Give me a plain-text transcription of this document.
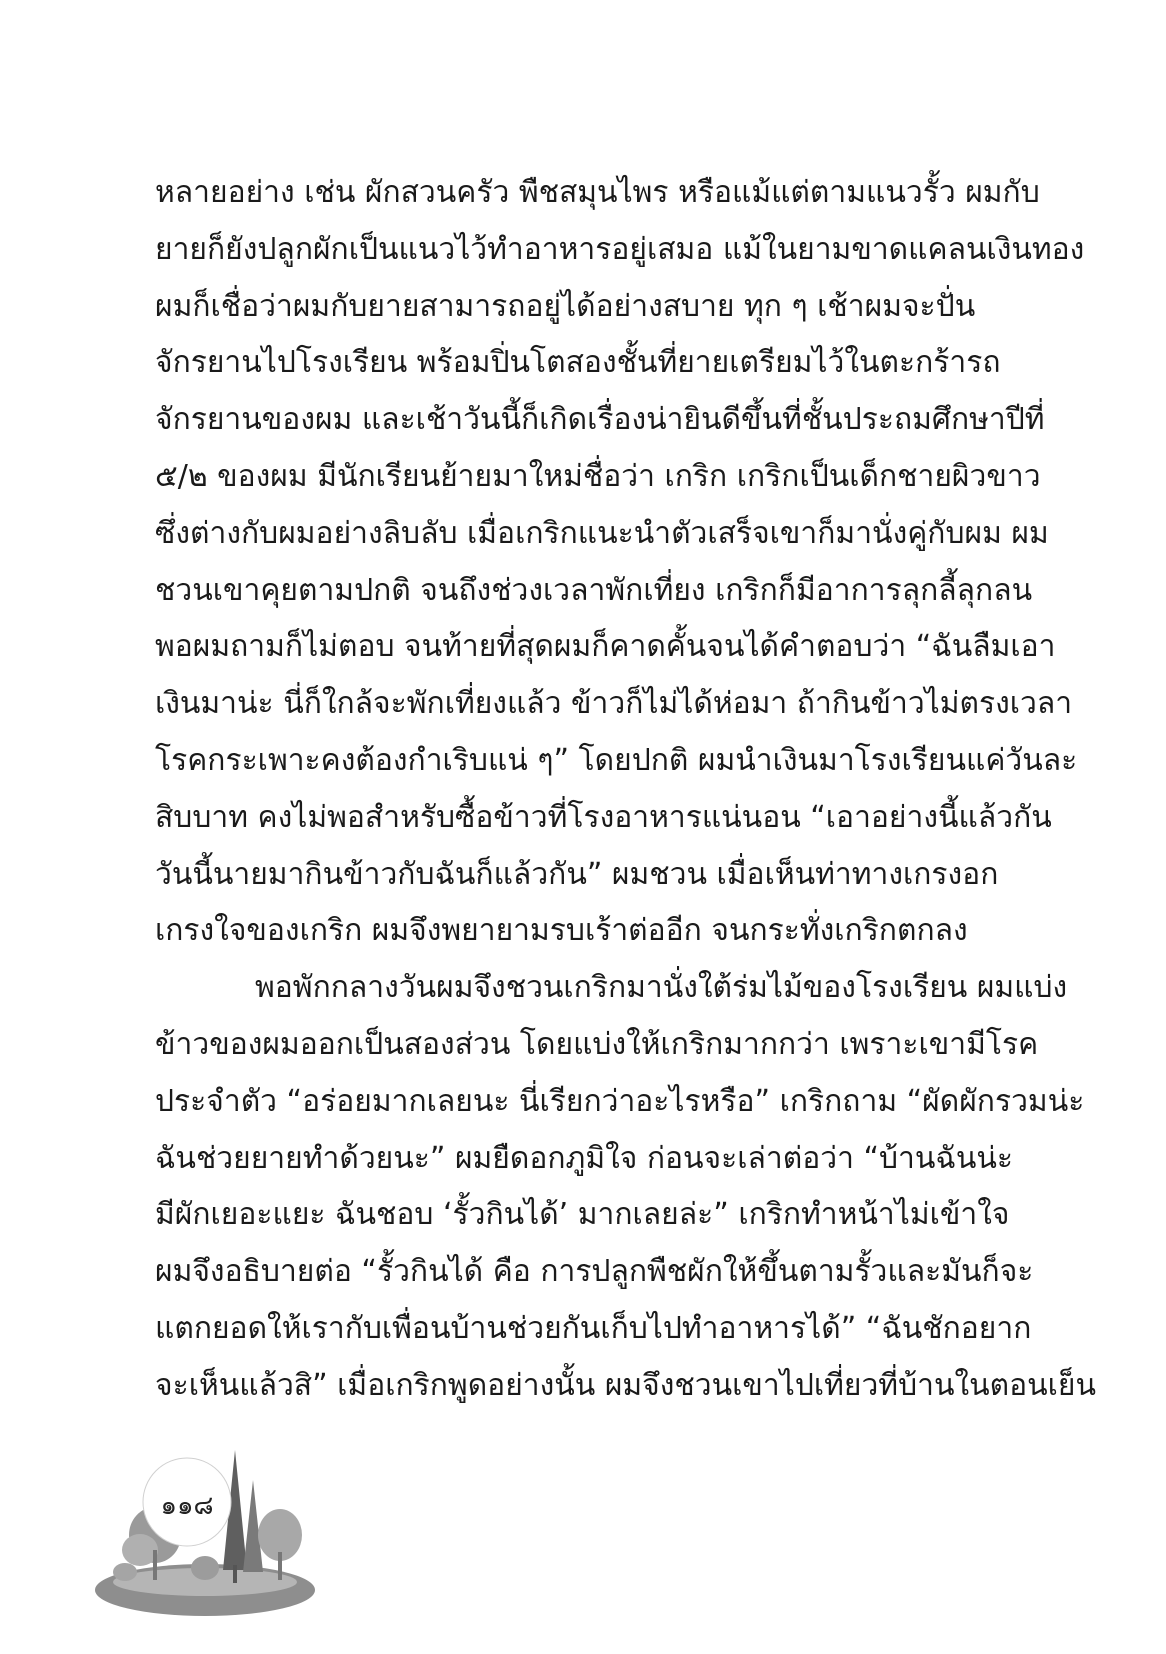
หลายอย่าง เช่น ผักสวนครัว พืชสมุนไพร หรือแม้แต่ตามแนวรั้ว ผมกับ
ยายก็ยังปลูกผักเป็นแนวไว้ทำอาหารอยู่เสมอ แม้ในยามขาดแคลนเงินทอง
ผมก็เชื่อว่าผมกับยายสามารถอยู่ได้อย่างสบาย ทุก ๆ เช้าผมจะปั่น
จักรยานไปโรงเรียน พร้อมปิ่นโตสองชั้นที่ยายเตรียมไว้ในตะกร้ารถ
จักรยานของผม และเช้าวันนี้ก็เกิดเรื่องน่ายินดีขึ้นที่ชั้นประถมศึกษาปีที่
๕/๒ ของผม มีนักเรียนย้ายมาใหม่ชื่อว่า เกริก เกริกเป็นเด็กชายผิวขาว
ซึ่งต่างกับผมอย่างลิบลับ เมื่อเกริกแนะนำตัวเสร็จเขาก็มานั่งคู่กับผม ผม
ชวนเขาคุยตามปกติ จนถึงช่วงเวลาพักเที่ยง เกริกก็มีอาการลุกลี้ลุกลน
พอผมถามก็ไม่ตอบ จนท้ายที่สุดผมก็คาดคั้นจนได้คำตอบว่า “ฉันลืมเอา
เงินมาน่ะ นี่ก็ใกล้จะพักเที่ยงแล้ว ข้าวก็ไม่ได้ห่อมา ถ้ากินข้าวไม่ตรงเวลา
โรคกระเพาะคงต้องกำเริบแน่ ๆ” โดยปกติ ผมนำเงินมาโรงเรียนแค่วันละ
สิบบาท คงไม่พอสำหรับซื้อข้าวที่โรงอาหารแน่นอน “เอาอย่างนี้แล้วกัน
วันนี้นายมากินข้าวกับฉันก็แล้วกัน” ผมชวน เมื่อเห็นท่าทางเกรงอก
เกรงใจของเกริก ผมจึงพยายามรบเร้าต่ออีก จนกระทั่งเกริกตกลง
พอพักกลางวันผมจึงชวนเกริกมานั่งใต้ร่มไม้ของโรงเรียน ผมแบ่ง
ข้าวของผมออกเป็นสองส่วน โดยแบ่งให้เกริกมากกว่า เพราะเขามีโรค
ประจำตัว “อร่อยมากเลยนะ นี่เรียกว่าอะไรหรือ” เกริกถาม “ผัดผักรวมน่ะ
ฉันช่วยยายทำด้วยนะ” ผมยืดอกภูมิใจ ก่อนจะเล่าต่อว่า “บ้านฉันน่ะ
มีผักเยอะแยะ ฉันชอบ ‘รั้วกินได้’ มากเลยล่ะ” เกริกทำหน้าไม่เข้าใจ
ผมจึงอธิบายต่อ “รั้วกินได้ คือ การปลูกพืชผักให้ขึ้นตามรั้วและมันก็จะ
แตกยอดให้เรากับเพื่อนบ้านช่วยกันเก็บไปทำอาหารได้” “ฉันชักอยาก
จะเห็นแล้วสิ” เมื่อเกริกพูดอย่างนั้น ผมจึงชวนเขาไปเที่ยวที่บ้านในตอนเย็น
๑๑๘
